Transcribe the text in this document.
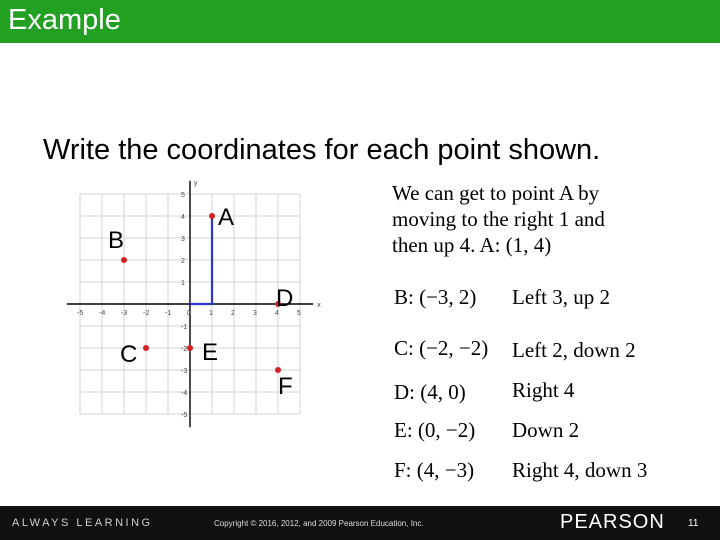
Example
Write the coordinates for each point shown.
x
y
-5 -4 -3 -2 -1 0	1	2	3	4	5
5
4
3
2
1
-1
-2
-3
-4
-5
A
B
C
D
E
F
We can get to point A by
moving to the right 1 and
then up 4. A: (1, 4)
B: (−3, 2) Left 3, up 2
C: (−2, −2) Left 2, down 2
D: (4, 0) Right 4
E: (0, −2) Down 2
F: (4, −3) Right 4, down 3
ALWAYS LEARNING	Copyright © 2016, 2012, and 2009 Pearson Education, Inc.	PEARSON 11
